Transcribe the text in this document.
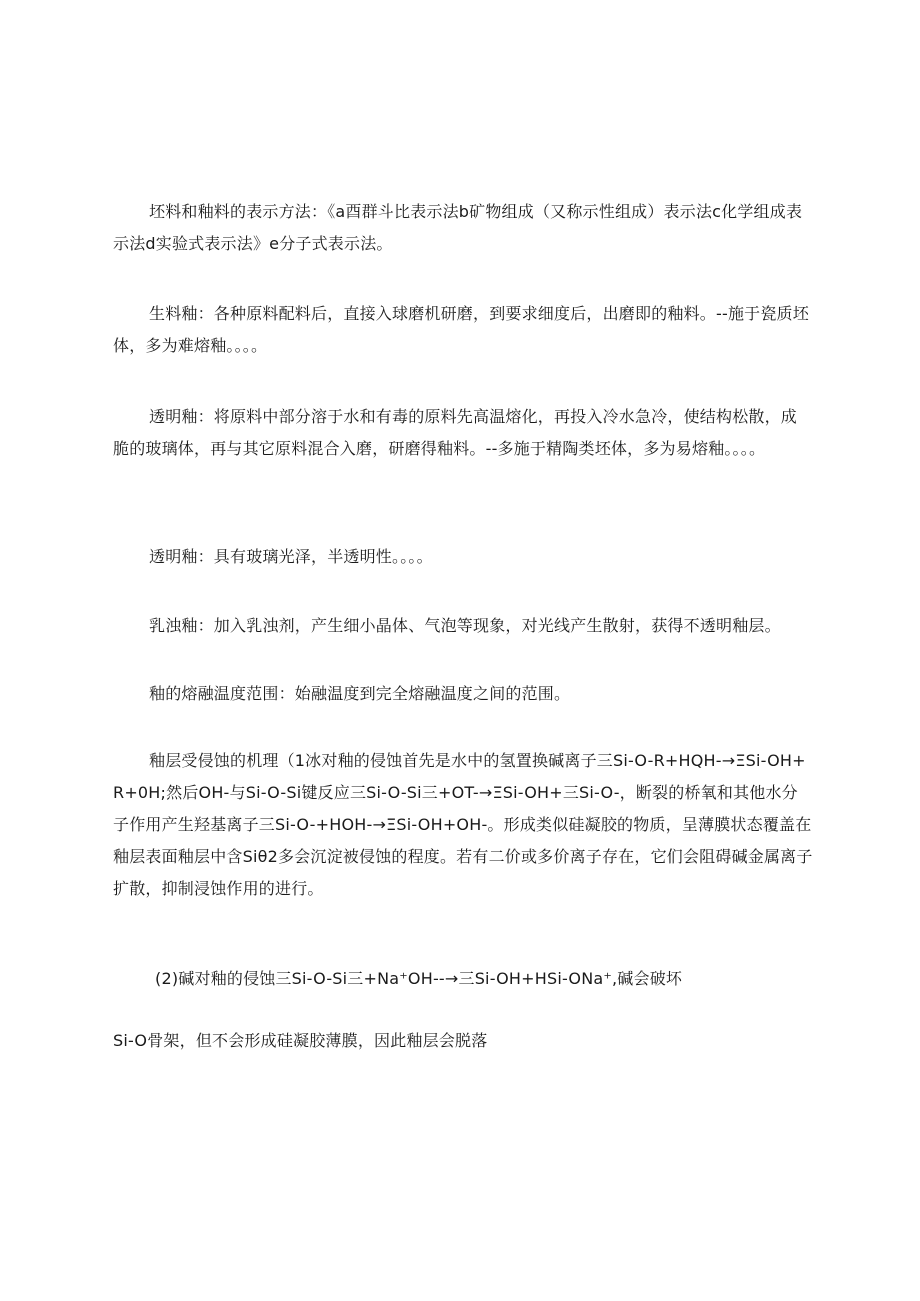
坯料和釉料的表示方法：《a酉群斗比表示法b矿物组成（又称示性组成）表示法c化学组成表示法d实验式表示法》e分子式表示法。

生料釉：各种原料配料后，直接入球磨机研磨，到要求细度后，出磨即的釉料。--施于瓷质坯体，多为难熔釉。。。。

透明釉：将原料中部分溶于水和有毒的原料先高温熔化，再投入冷水急冷，使结构松散，成脆的玻璃体，再与其它原料混合入磨，研磨得釉料。--多施于精陶类坯体，多为易熔釉。。。。

透明釉：具有玻璃光泽，半透明性。。。。

乳浊釉：加入乳浊剂，产生细小晶体、气泡等现象，对光线产生散射，获得不透明釉层。

釉的熔融温度范围：始融温度到完全熔融温度之间的范围。

釉层受侵蚀的机理（1冰对釉的侵蚀首先是水中的氢置换碱离子三Si-O-R+HQH-→ΞSi-OH+R+0H;然后OH-与Si-O-Si键反应三Si-O-Si三+OT-→ΞSi-OH+三Si-O-，断裂的桥氧和其他水分子作用产生羟基离子三Si-O-+HOH-→ΞSi-OH+OH-。形成类似硅凝胶的物质，呈薄膜状态覆盖在釉层表面釉层中含Siθ2多会沉淀被侵蚀的程度。若有二价或多价离子存在，它们会阻碍碱金属离子扩散，抑制浸蚀作用的进行。

(2)碱对釉的侵蚀三Si-O-Si三+Na⁺OH--→三Si-OH+HSi-ONa⁺,碱会破坏

Si-O骨架，但不会形成硅凝胶薄膜，因此釉层会脱落
